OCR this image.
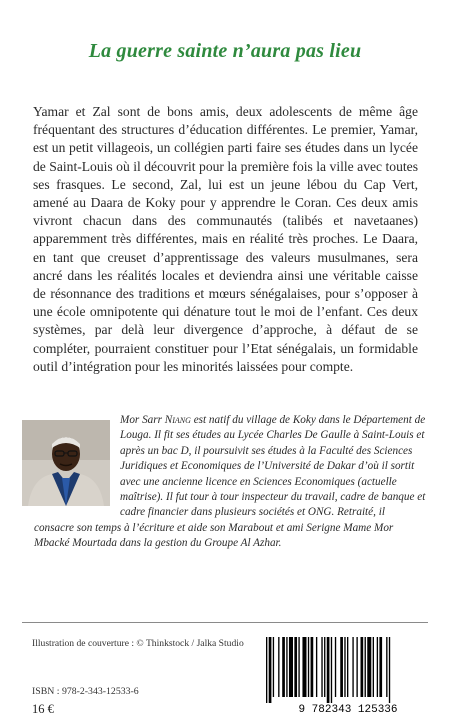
La guerre sainte n’aura pas lieu
Yamar et Zal sont de bons amis, deux adolescents de même âge fréquentant des structures d’éducation différentes. Le premier, Yamar, est un petit villageois, un collégien parti faire ses études dans un lycée de Saint-Louis où il découvrit pour la première fois la ville avec toutes ses frasques. Le second, Zal, lui est un jeune lébou du Cap Vert, amené au Daara de Koky pour y apprendre le Coran. Ces deux amis vivront chacun dans des communautés (talibés et navetaanes) apparemment très différentes, mais en réalité très proches. Le Daara, en tant que creuset d’apprentissage des valeurs musulmanes, sera ancré dans les réalités locales et deviendra ainsi une véritable caisse de résonnance des traditions et mœurs sénégalaises, pour s’opposer à une école omnipotente qui dénature tout le moi de l’enfant. Ces deux systèmes, par delà leur divergence d’approche, à défaut de se compléter, pourraient constituer pour l’Etat sénégalais, un formidable outil d’intégration pour les minorités laissées pour compte.
Mor Sarr Niang est natif du village de Koky dans le Département de Louga. Il fit ses études au Lycée Charles De Gaulle à Saint-Louis et après un bac D, il poursuivit ses études à la Faculté des Sciences Juridiques et Economiques de l’Université de Dakar d’où il sortit avec une ancienne licence en Sciences Economiques (actuelle maîtrise). Il fut tour à tour inspecteur du travail, cadre de banque et cadre financier dans plusieurs sociétés et ONG. Retraité, il consacre son temps à l’écriture et aide son Marabout et ami Serigne Mame Mor Mbacké Mourtada dans la gestion du Groupe Al Azhar.
Illustration de couverture : © Thinkstock / Jalka Studio
ISBN : 978-2-343-12533-6
16 €	9 782343 125336
